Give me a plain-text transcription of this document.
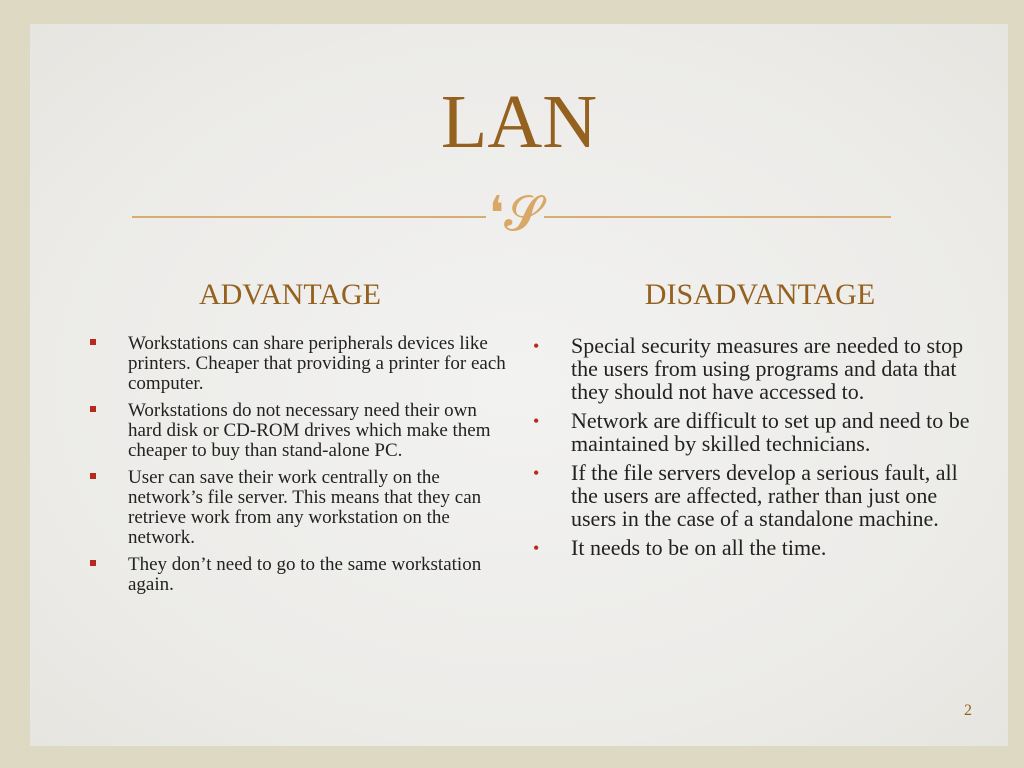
LAN
❛𝓢
ADVANTAGE	DISADVANTAGE
Workstations can share peripherals devices like printers. Cheaper that providing a printer for each computer.
Workstations do not necessary need their own hard disk or CD-ROM drives which make them cheaper to buy than stand-alone PC.
User can save their work centrally on the network’s file server. This means that they can retrieve work from any workstation on the network.
They don’t need to go to the same workstation again.
• Special security measures are needed to stop the users from using programs and data that they should not have accessed to.
• Network are difficult to set up and need to be maintained by skilled technicians.
• If the file servers develop a serious fault, all the users are affected, rather than just one users in the case of a standalone machine.
• It needs to be on all the time.
2
